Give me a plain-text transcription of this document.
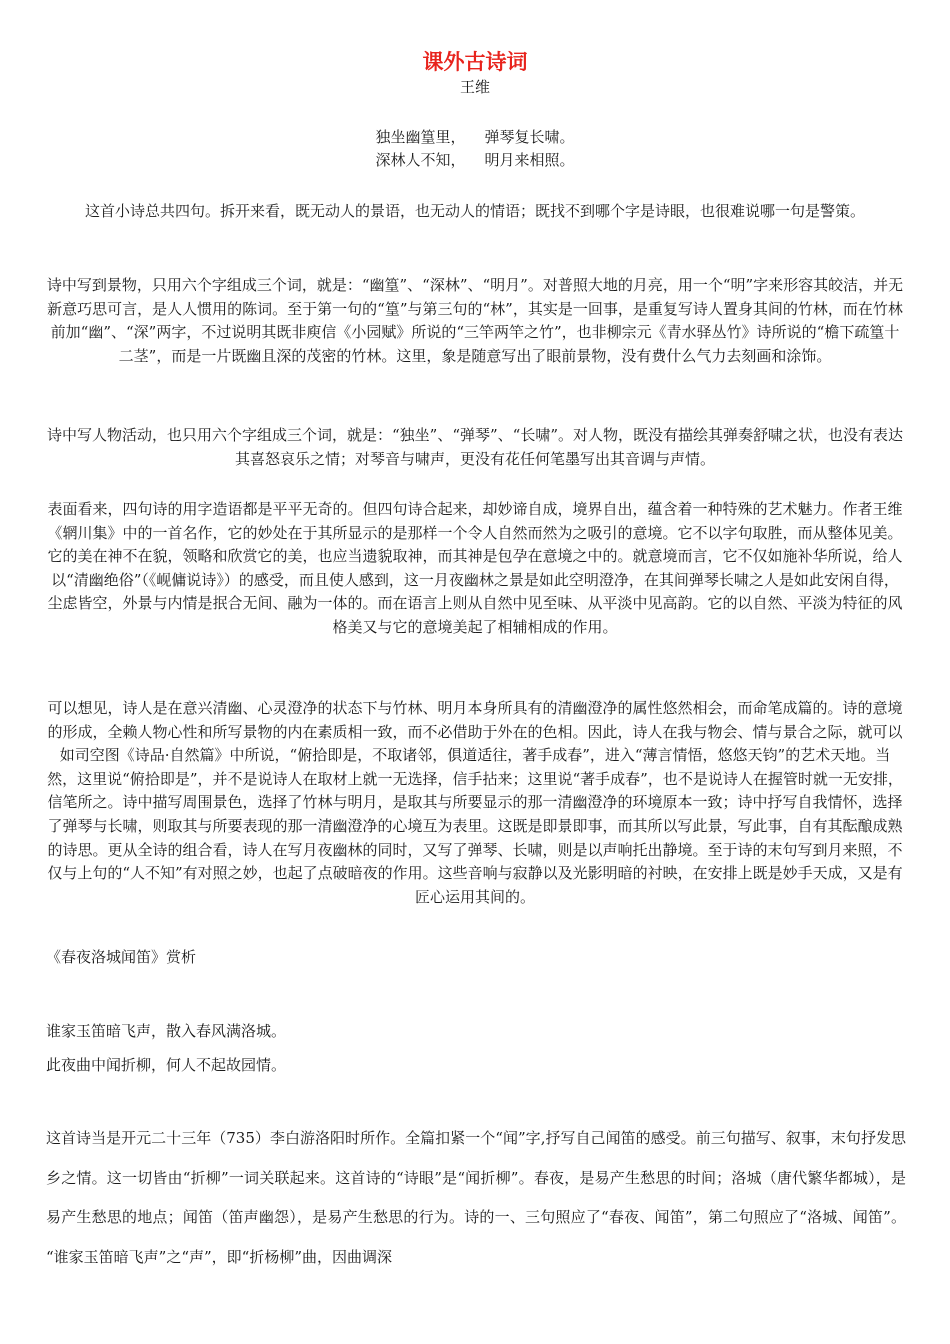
课外古诗词
王维
独坐幽篁里，    弹琴复长啸。
深林人不知，    明月来相照。
这首小诗总共四句。拆开来看，既无动人的景语，也无动人的情语；既找不到哪个字是诗眼，也很难说哪一句是警策。
诗中写到景物，只用六个字组成三个词，就是：“幽篁”、“深林”、“明月”。对普照大地的月亮，用一个“明”字来形容其皎洁，并无新意巧思可言，是人人惯用的陈词。至于第一句的“篁”与第三句的“林”，其实是一回事，是重复写诗人置身其间的竹林，而在竹林前加“幽”、“深”两字，不过说明其既非庾信《小园赋》所说的“三竿两竿之竹”，也非柳宗元《青水驿丛竹》诗所说的“檐下疏篁十二茎”，而是一片既幽且深的茂密的竹林。这里，象是随意写出了眼前景物，没有费什么气力去刻画和涂饰。
诗中写人物活动，也只用六个字组成三个词，就是：“独坐”、“弹琴”、“长啸”。对人物，既没有描绘其弹奏舒啸之状，也没有表达其喜怒哀乐之情；对琴音与啸声，更没有花任何笔墨写出其音调与声情。
表面看来，四句诗的用字造语都是平平无奇的。但四句诗合起来，却妙谛自成，境界自出，蕴含着一种特殊的艺术魅力。作者王维《辋川集》中的一首名作，它的妙处在于其所显示的是那样一个令人自然而然为之吸引的意境。它不以字句取胜，而从整体见美。它的美在神不在貌，领略和欣赏它的美，也应当遗貌取神，而其神是包孕在意境之中的。就意境而言，它不仅如施补华所说，给人以“清幽绝俗”（《岘傭说诗》）的感受，而且使人感到，这一月夜幽林之景是如此空明澄净，在其间弹琴长啸之人是如此安闲自得，尘虑皆空，外景与内情是抿合无间、融为一体的。而在语言上则从自然中见至味、从平淡中见高韵。它的以自然、平淡为特征的风格美又与它的意境美起了相辅相成的作用。
可以想见，诗人是在意兴清幽、心灵澄净的状态下与竹林、明月本身所具有的清幽澄净的属性悠然相会，而命笔成篇的。诗的意境的形成，全赖人物心性和所写景物的内在素质相一致，而不必借助于外在的色相。因此，诗人在我与物会、情与景合之际，就可以如司空图《诗品·自然篇》中所说，“俯拾即是，不取诸邻，俱道适往，著手成春”，进入“薄言情悟，悠悠天钧”的艺术天地。当然，这里说“俯拾即是”，并不是说诗人在取材上就一无选择，信手拈来；这里说“著手成春”，也不是说诗人在握管时就一无安排，信笔所之。诗中描写周围景色，选择了竹林与明月，是取其与所要显示的那一清幽澄净的环境原本一致；诗中抒写自我情怀，选择了弹琴与长啸，则取其与所要表现的那一清幽澄净的心境互为表里。这既是即景即事，而其所以写此景，写此事，自有其酝酿成熟的诗思。更从全诗的组合看，诗人在写月夜幽林的同时，又写了弹琴、长啸，则是以声响托出静境。至于诗的末句写到月来照，不仅与上句的“人不知”有对照之妙，也起了点破暗夜的作用。这些音响与寂静以及光影明暗的衬映，在安排上既是妙手天成，又是有匠心运用其间的。
《春夜洛城闻笛》赏析
谁家玉笛暗飞声，散入春风满洛城。
此夜曲中闻折柳，何人不起故园情。
这首诗当是开元二十三年（735）李白游洛阳时所作。全篇扣紧一个“闻”字,抒写自己闻笛的感受。前三句描写、叙事，末句抒发思乡之情。这一切皆由“折柳”一词关联起来。这首诗的“诗眼”是“闻折柳”。春夜，是易产生愁思的时间；洛城（唐代繁华都城），是易产生愁思的地点；闻笛（笛声幽怨），是易产生愁思的行为。诗的一、三句照应了“春夜、闻笛”，第二句照应了“洛城、闻笛”。 “谁家玉笛暗飞声”之“声”，即“折杨柳”曲，因曲调深
